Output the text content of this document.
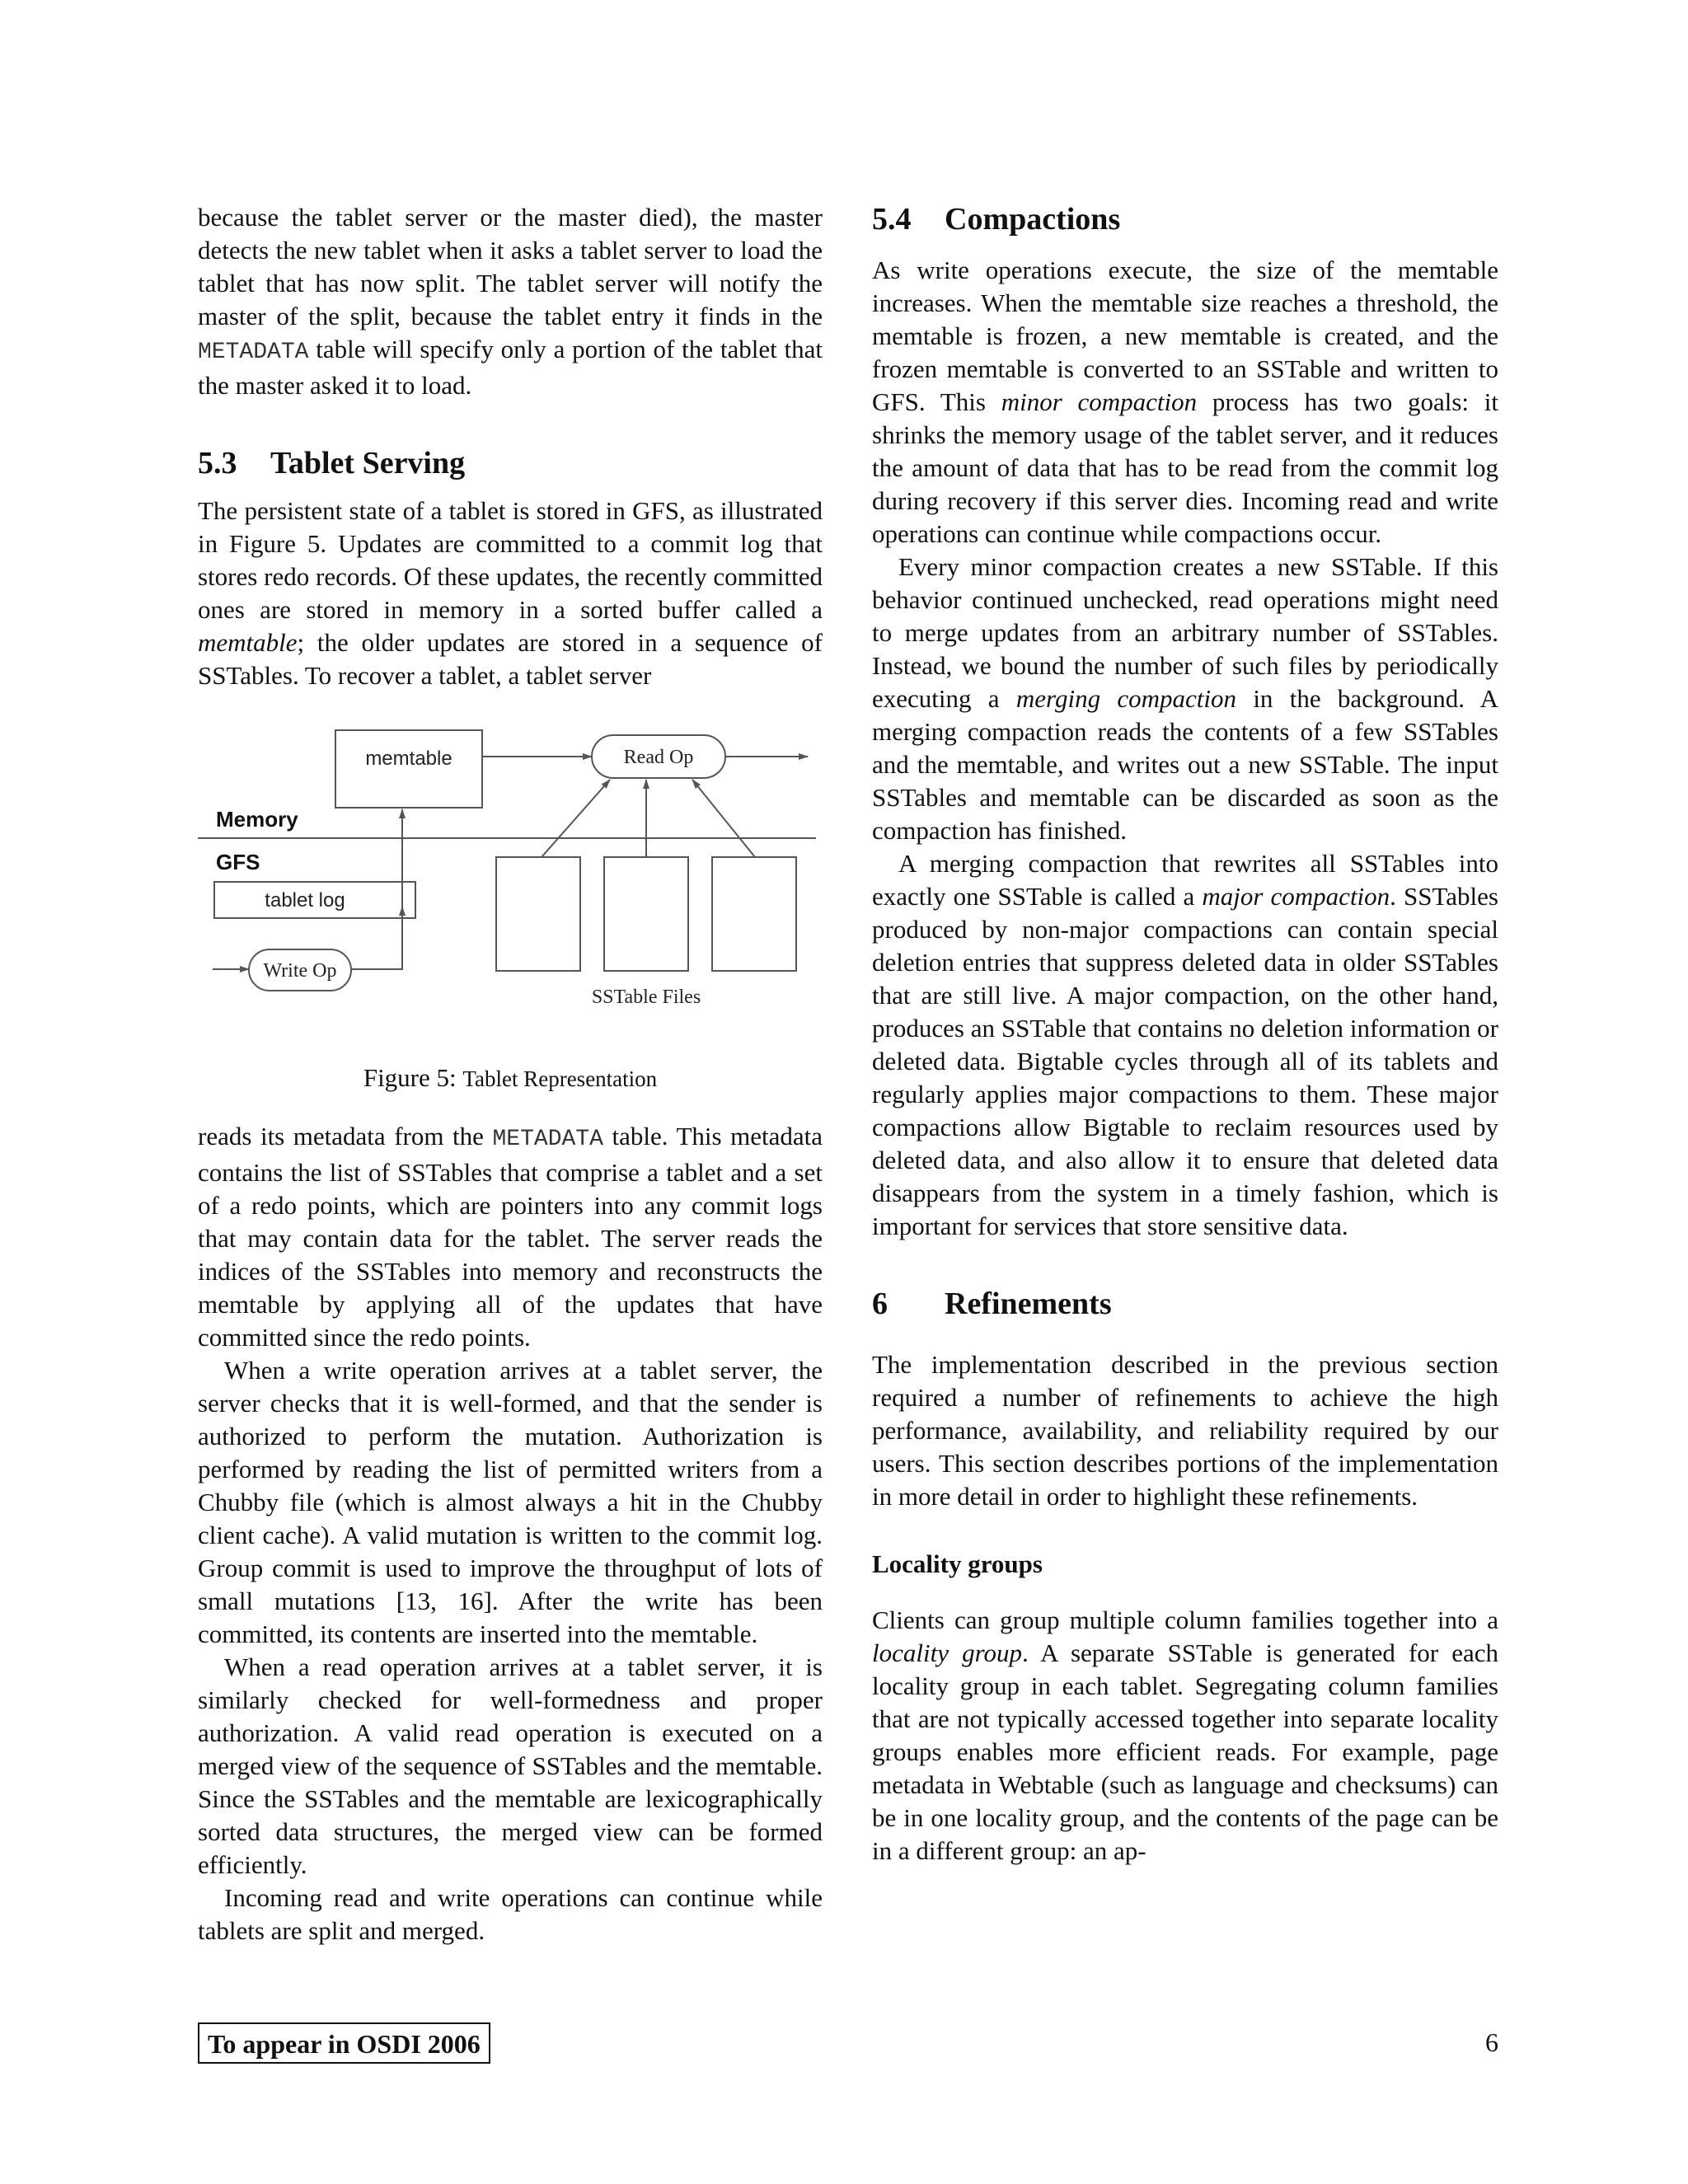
because the tablet server or the master died), the master detects the new tablet when it asks a tablet server to load the tablet that has now split. The tablet server will notify the master of the split, because the tablet entry it finds in the METADATA table will specify only a portion of the tablet that the master asked it to load.

5.3 Tablet Serving

The persistent state of a tablet is stored in GFS, as illustrated in Figure 5. Updates are committed to a commit log that stores redo records. Of these updates, the recently committed ones are stored in memory in a sorted buffer called a memtable; the older updates are stored in a sequence of SSTables. To recover a tablet, a tablet server

memtable	Read Op
Memory
GFS
tablet log
Write Op
SSTable Files
Figure 5: Tablet Representation

reads its metadata from the METADATA table. This metadata contains the list of SSTables that comprise a tablet and a set of a redo points, which are pointers into any commit logs that may contain data for the tablet. The server reads the indices of the SSTables into memory and reconstructs the memtable by applying all of the updates that have committed since the redo points.

When a write operation arrives at a tablet server, the server checks that it is well-formed, and that the sender is authorized to perform the mutation. Authorization is performed by reading the list of permitted writers from a Chubby file (which is almost always a hit in the Chubby client cache). A valid mutation is written to the commit log. Group commit is used to improve the throughput of lots of small mutations [13, 16]. After the write has been committed, its contents are inserted into the memtable.

When a read operation arrives at a tablet server, it is similarly checked for well-formedness and proper authorization. A valid read operation is executed on a merged view of the sequence of SSTables and the memtable. Since the SSTables and the memtable are lexicographically sorted data structures, the merged view can be formed efficiently.

Incoming read and write operations can continue while tablets are split and merged.

5.4 Compactions

As write operations execute, the size of the memtable increases. When the memtable size reaches a threshold, the memtable is frozen, a new memtable is created, and the frozen memtable is converted to an SSTable and written to GFS. This minor compaction process has two goals: it shrinks the memory usage of the tablet server, and it reduces the amount of data that has to be read from the commit log during recovery if this server dies. Incoming read and write operations can continue while compactions occur.

Every minor compaction creates a new SSTable. If this behavior continued unchecked, read operations might need to merge updates from an arbitrary number of SSTables. Instead, we bound the number of such files by periodically executing a merging compaction in the background. A merging compaction reads the contents of a few SSTables and the memtable, and writes out a new SSTable. The input SSTables and memtable can be discarded as soon as the compaction has finished.

A merging compaction that rewrites all SSTables into exactly one SSTable is called a major compaction. SSTables produced by non-major compactions can contain special deletion entries that suppress deleted data in older SSTables that are still live. A major compaction, on the other hand, produces an SSTable that contains no deletion information or deleted data. Bigtable cycles through all of its tablets and regularly applies major compactions to them. These major compactions allow Bigtable to reclaim resources used by deleted data, and also allow it to ensure that deleted data disappears from the system in a timely fashion, which is important for services that store sensitive data.

6 Refinements

The implementation described in the previous section required a number of refinements to achieve the high performance, availability, and reliability required by our users. This section describes portions of the implementation in more detail in order to highlight these refinements.

Locality groups

Clients can group multiple column families together into a locality group. A separate SSTable is generated for each locality group in each tablet. Segregating column families that are not typically accessed together into separate locality groups enables more efficient reads. For example, page metadata in Webtable (such as language and checksums) can be in one locality group, and the contents of the page can be in a different group: an ap-

To appear in OSDI 2006	6
